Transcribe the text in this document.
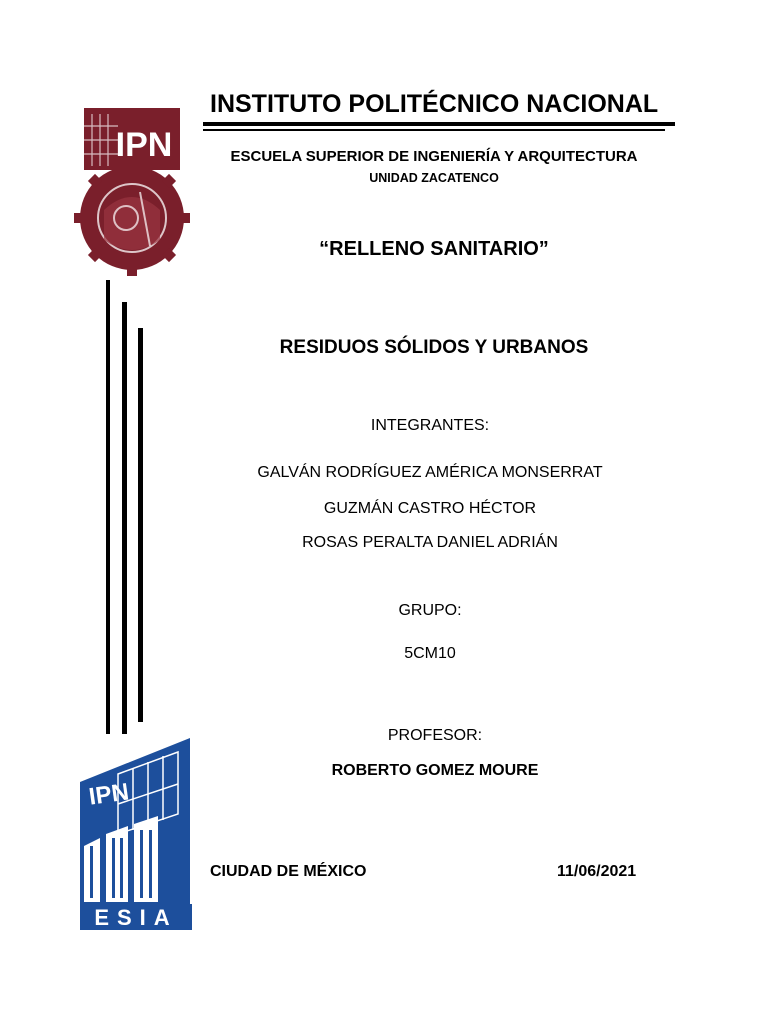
IPN
IPN
ESIA
INSTITUTO POLITÉCNICO NACIONAL
ESCUELA SUPERIOR DE INGENIERÍA Y ARQUITECTURA
UNIDAD ZACATENCO
“RELLENO SANITARIO”
RESIDUOS SÓLIDOS Y URBANOS
INTEGRANTES:
GALVÁN RODRÍGUEZ AMÉRICA MONSERRAT
GUZMÁN CASTRO HÉCTOR
ROSAS PERALTA DANIEL ADRIÁN
GRUPO:
5CM10
PROFESOR:
ROBERTO GOMEZ MOURE
CIUDAD DE MÉXICO	11/06/2021
